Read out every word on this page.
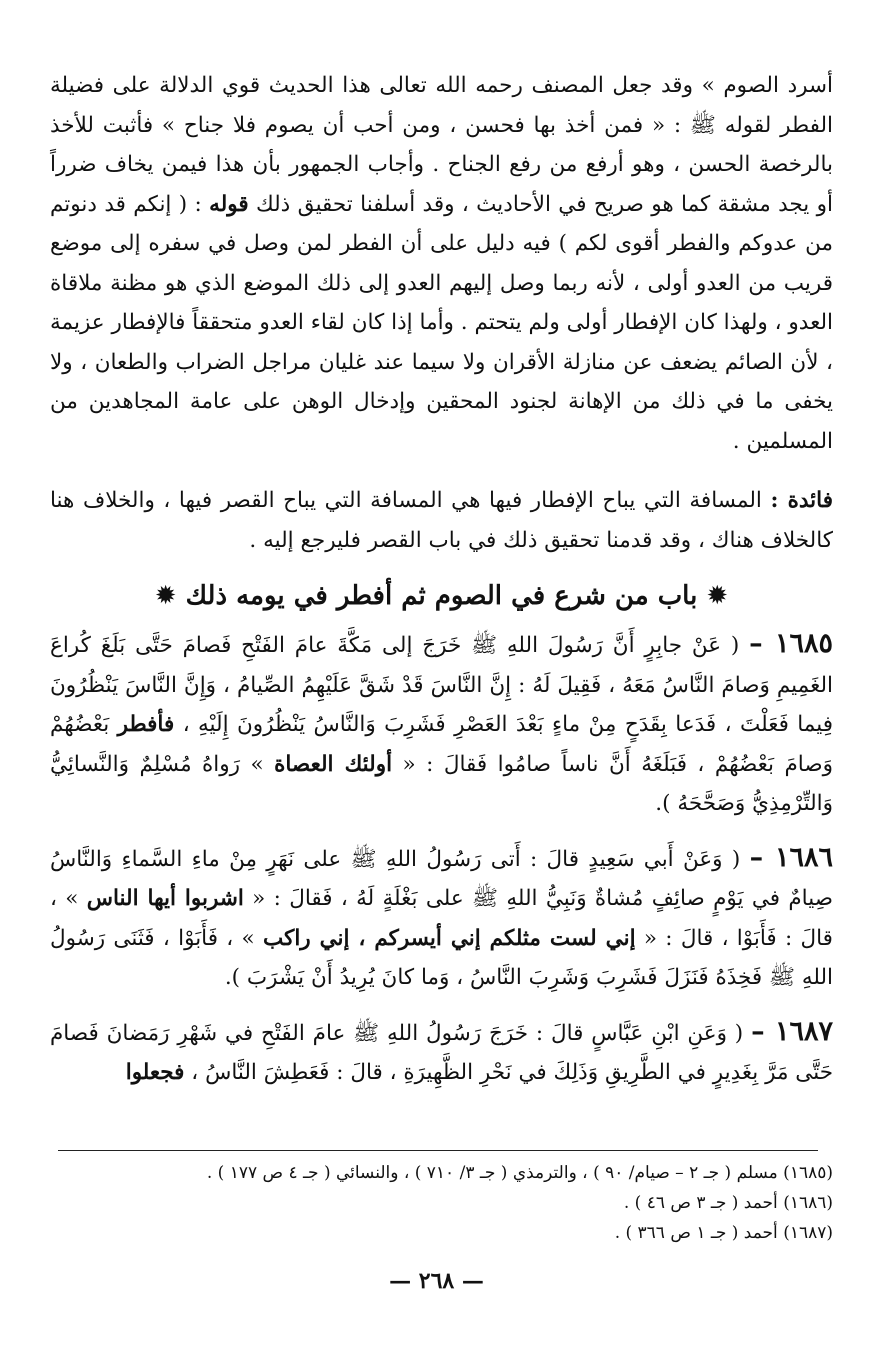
أسرد الصوم » وقد جعل المصنف رحمه الله تعالى هذا الحديث قوي الدلالة على فضيلة الفطر لقوله ﷺ : « فمن أخذ بها فحسن ، ومن أحب أن يصوم فلا جناح » فأثبت للأخذ بالرخصة الحسن ، وهو أرفع من رفع الجناح . وأجاب الجمهور بأن هذا فيمن يخاف ضرراً أو يجد مشقة كما هو صريح في الأحاديث ، وقد أسلفنا تحقيق ذلك قوله : ( إنكم قد دنوتم من عدوكم والفطر أقوى لكم ) فيه دليل على أن الفطر لمن وصل في سفره إلى موضع قريب من العدو أولى ، لأنه ربما وصل إليهم العدو إلى ذلك الموضع الذي هو مظنة ملاقاة العدو ، ولهذا كان الإفطار أولى ولم يتحتم . وأما إذا كان لقاء العدو متحققاً فالإفطار عزيمة ، لأن الصائم يضعف عن منازلة الأقران ولا سيما عند غليان مراجل الضراب والطعان ، ولا يخفى ما في ذلك من الإهانة لجنود المحقين وإدخال الوهن على عامة المجاهدين من المسلمين .

فائدة : المسافة التي يباح الإفطار فيها هي المسافة التي يباح القصر فيها ، والخلاف هنا كالخلاف هناك ، وقد قدمنا تحقيق ذلك في باب القصر فليرجع إليه .

✹ باب من شرع في الصوم ثم أفطر في يومه ذلك ✹

١٦٨٥ – ( عَنْ جابِرٍ أَنَّ رَسُولَ اللهِ ﷺ خَرَجَ إلى مَكَّةَ عامَ الفَتْحِ فَصامَ حَتَّى بَلَغَ كُراعَ الغَمِيمِ وَصامَ النَّاسُ مَعَهُ ، فَقِيلَ لَهُ : إِنَّ النَّاسَ قَدْ شَقَّ عَلَيْهِمُ الصِّيامُ ، وَإِنَّ النَّاسَ يَنْظُرُونَ فِيما فَعَلْتَ ، فَدَعا بِقَدَحٍ مِنْ ماءٍ بَعْدَ العَصْرِ فَشَرِبَ وَالنَّاسُ يَنْظُرُونَ إِلَيْهِ ، فأفطر بَعْضُهُمْ وَصامَ بَعْضُهُمْ ، فَبَلَغَهُ أَنَّ ناساً صامُوا فَقالَ : « أولئك العصاة » رَواهُ مُسْلِمٌ وَالنَّسائِيُّ وَالتِّرْمِذِيُّ وَصَحَّحَهُ ).

١٦٨٦ – ( وَعَنْ أَبي سَعِيدٍ قالَ : أَتى رَسُولُ اللهِ ﷺ على نَهَرٍ مِنْ ماءِ السَّماءِ وَالنَّاسُ صِيامٌ في يَوْمٍ صائِفٍ مُشاةٌ وَنَبِيُّ اللهِ ﷺ على بَغْلَةٍ لَهُ ، فَقالَ : « اشربوا أيها الناس » ، قالَ : فَأَبَوْا ، قالَ : « إني لست مثلكم إني أيسركم ، إني راكب » ، فَأَبَوْا ، فَثَنَى رَسُولُ اللهِ ﷺ فَخِذَهُ فَنَزَلَ فَشَرِبَ وَشَرِبَ النَّاسُ ، وَما كانَ يُرِيدُ أَنْ يَشْرَبَ ).

١٦٨٧ – ( وَعَنِ ابْنِ عَبَّاسٍ قالَ : خَرَجَ رَسُولُ اللهِ ﷺ عامَ الفَتْحِ في شَهْرِ رَمَضانَ فَصامَ حَتَّى مَرَّ بِغَدِيرٍ في الطَّرِيقِ وَذَلِكَ في نَحْرِ الظَّهِيرَةِ ، قالَ : فَعَطِشَ النَّاسُ ، فجعلوا

(١٦٨٥) مسلم ( جـ ٢ – صيام/ ٩٠ ) ، والترمذي ( جـ ٣/ ٧١٠ ) ، والنسائي ( جـ ٤ ص ١٧٧ ) .
(١٦٨٦) أحمد ( جـ ٣ ص ٤٦ ) .
(١٦٨٧) أحمد ( جـ ١ ص ٣٦٦ ) .
— ٢٦٨ —
